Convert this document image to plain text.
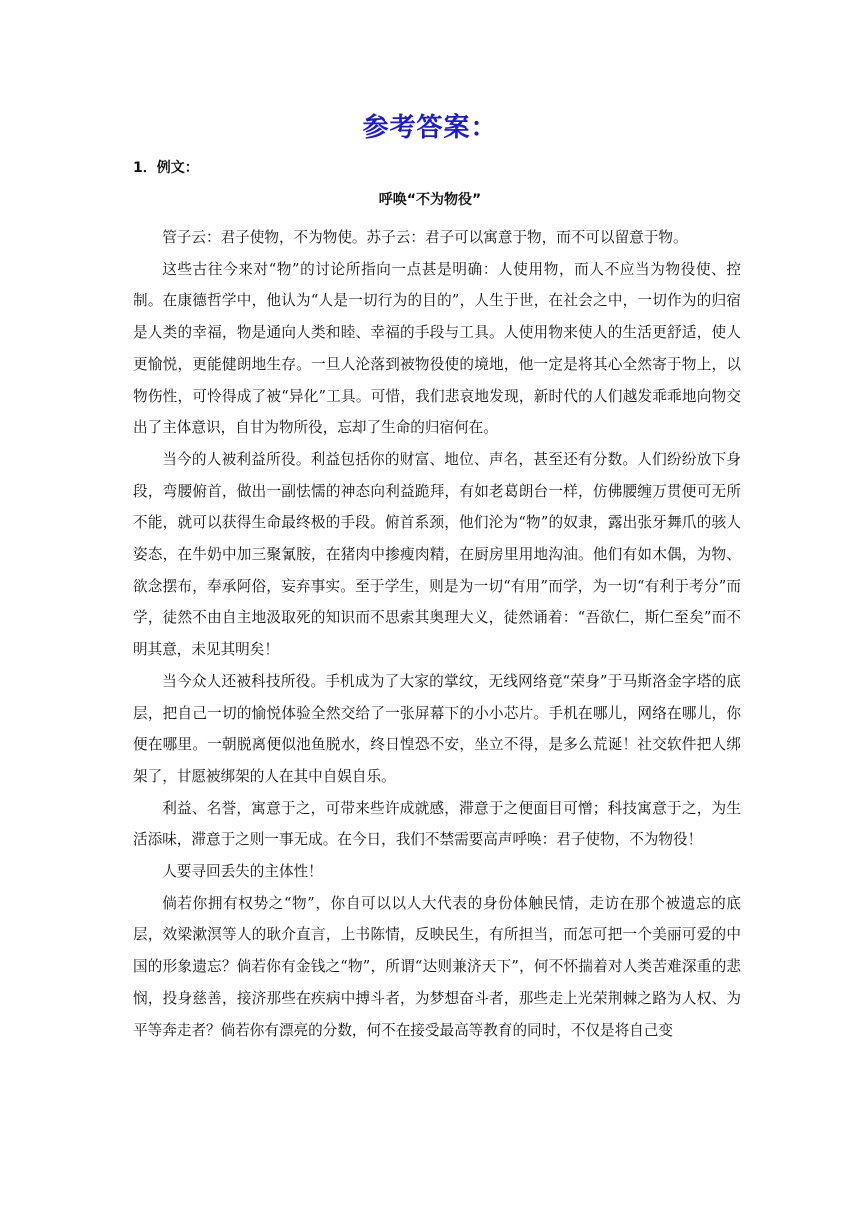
参考答案：
1．例文：
呼唤“不为物役”

管子云：君子使物，不为物使。苏子云：君子可以寓意于物，而不可以留意于物。

这些古往今来对“物”的讨论所指向一点甚是明确：人使用物，而人不应当为物役使、控制。在康德哲学中，他认为“人是一切行为的目的”，人生于世，在社会之中，一切作为的归宿是人类的幸福，物是通向人类和睦、幸福的手段与工具。人使用物来使人的生活更舒适，使人更愉悦，更能健朗地生存。一旦人沦落到被物役使的境地，他一定是将其心全然寄于物上，以物伤性，可怜得成了被“异化”工具。可惜，我们悲哀地发现，新时代的人们越发乖乖地向物交出了主体意识，自甘为物所役，忘却了生命的归宿何在。

当今的人被利益所役。利益包括你的财富、地位、声名，甚至还有分数。人们纷纷放下身段，弯腰俯首，做出一副怯懦的神态向利益跪拜，有如老葛朗台一样，仿佛腰缠万贯便可无所不能，就可以获得生命最终极的手段。俯首系颈，他们沦为“物”的奴隶，露出张牙舞爪的骇人姿态，在牛奶中加三聚氰胺，在猪肉中掺瘦肉精，在厨房里用地沟油。他们有如木偶，为物、欲念摆布，奉承阿俗，妄弃事实。至于学生，则是为一切“有用”而学，为一切“有利于考分”而学，徒然不由自主地汲取死的知识而不思索其奥理大义，徒然诵着：“吾欲仁，斯仁至矣”而不明其意，未见其明矣！

当今众人还被科技所役。手机成为了大家的掌纹，无线网络竟“荣身”于马斯洛金字塔的底层，把自己一切的愉悦体验全然交给了一张屏幕下的小小芯片。手机在哪儿，网络在哪儿，你便在哪里。一朝脱离便似池鱼脱水，终日惶恐不安，坐立不得，是多么荒诞！社交软件把人绑架了，甘愿被绑架的人在其中自娱自乐。

利益、名誉，寓意于之，可带来些许成就感，滞意于之便面目可憎；科技寓意于之，为生活添味，滞意于之则一事无成。在今日，我们不禁需要高声呼唤：君子使物，不为物役！

人要寻回丢失的主体性！

倘若你拥有权势之“物”，你自可以以人大代表的身份体触民情，走访在那个被遗忘的底层，效梁漱溟等人的耿介直言，上书陈情，反映民生，有所担当，而怎可把一个美丽可爱的中国的形象遗忘？倘若你有金钱之“物”，所谓“达则兼济天下”，何不怀揣着对人类苦难深重的悲悯，投身慈善，接济那些在疾病中搏斗者，为梦想奋斗者，那些走上光荣荆棘之路为人权、为平等奔走者？倘若你有漂亮的分数，何不在接受最高等教育的同时，不仅是将自己变
